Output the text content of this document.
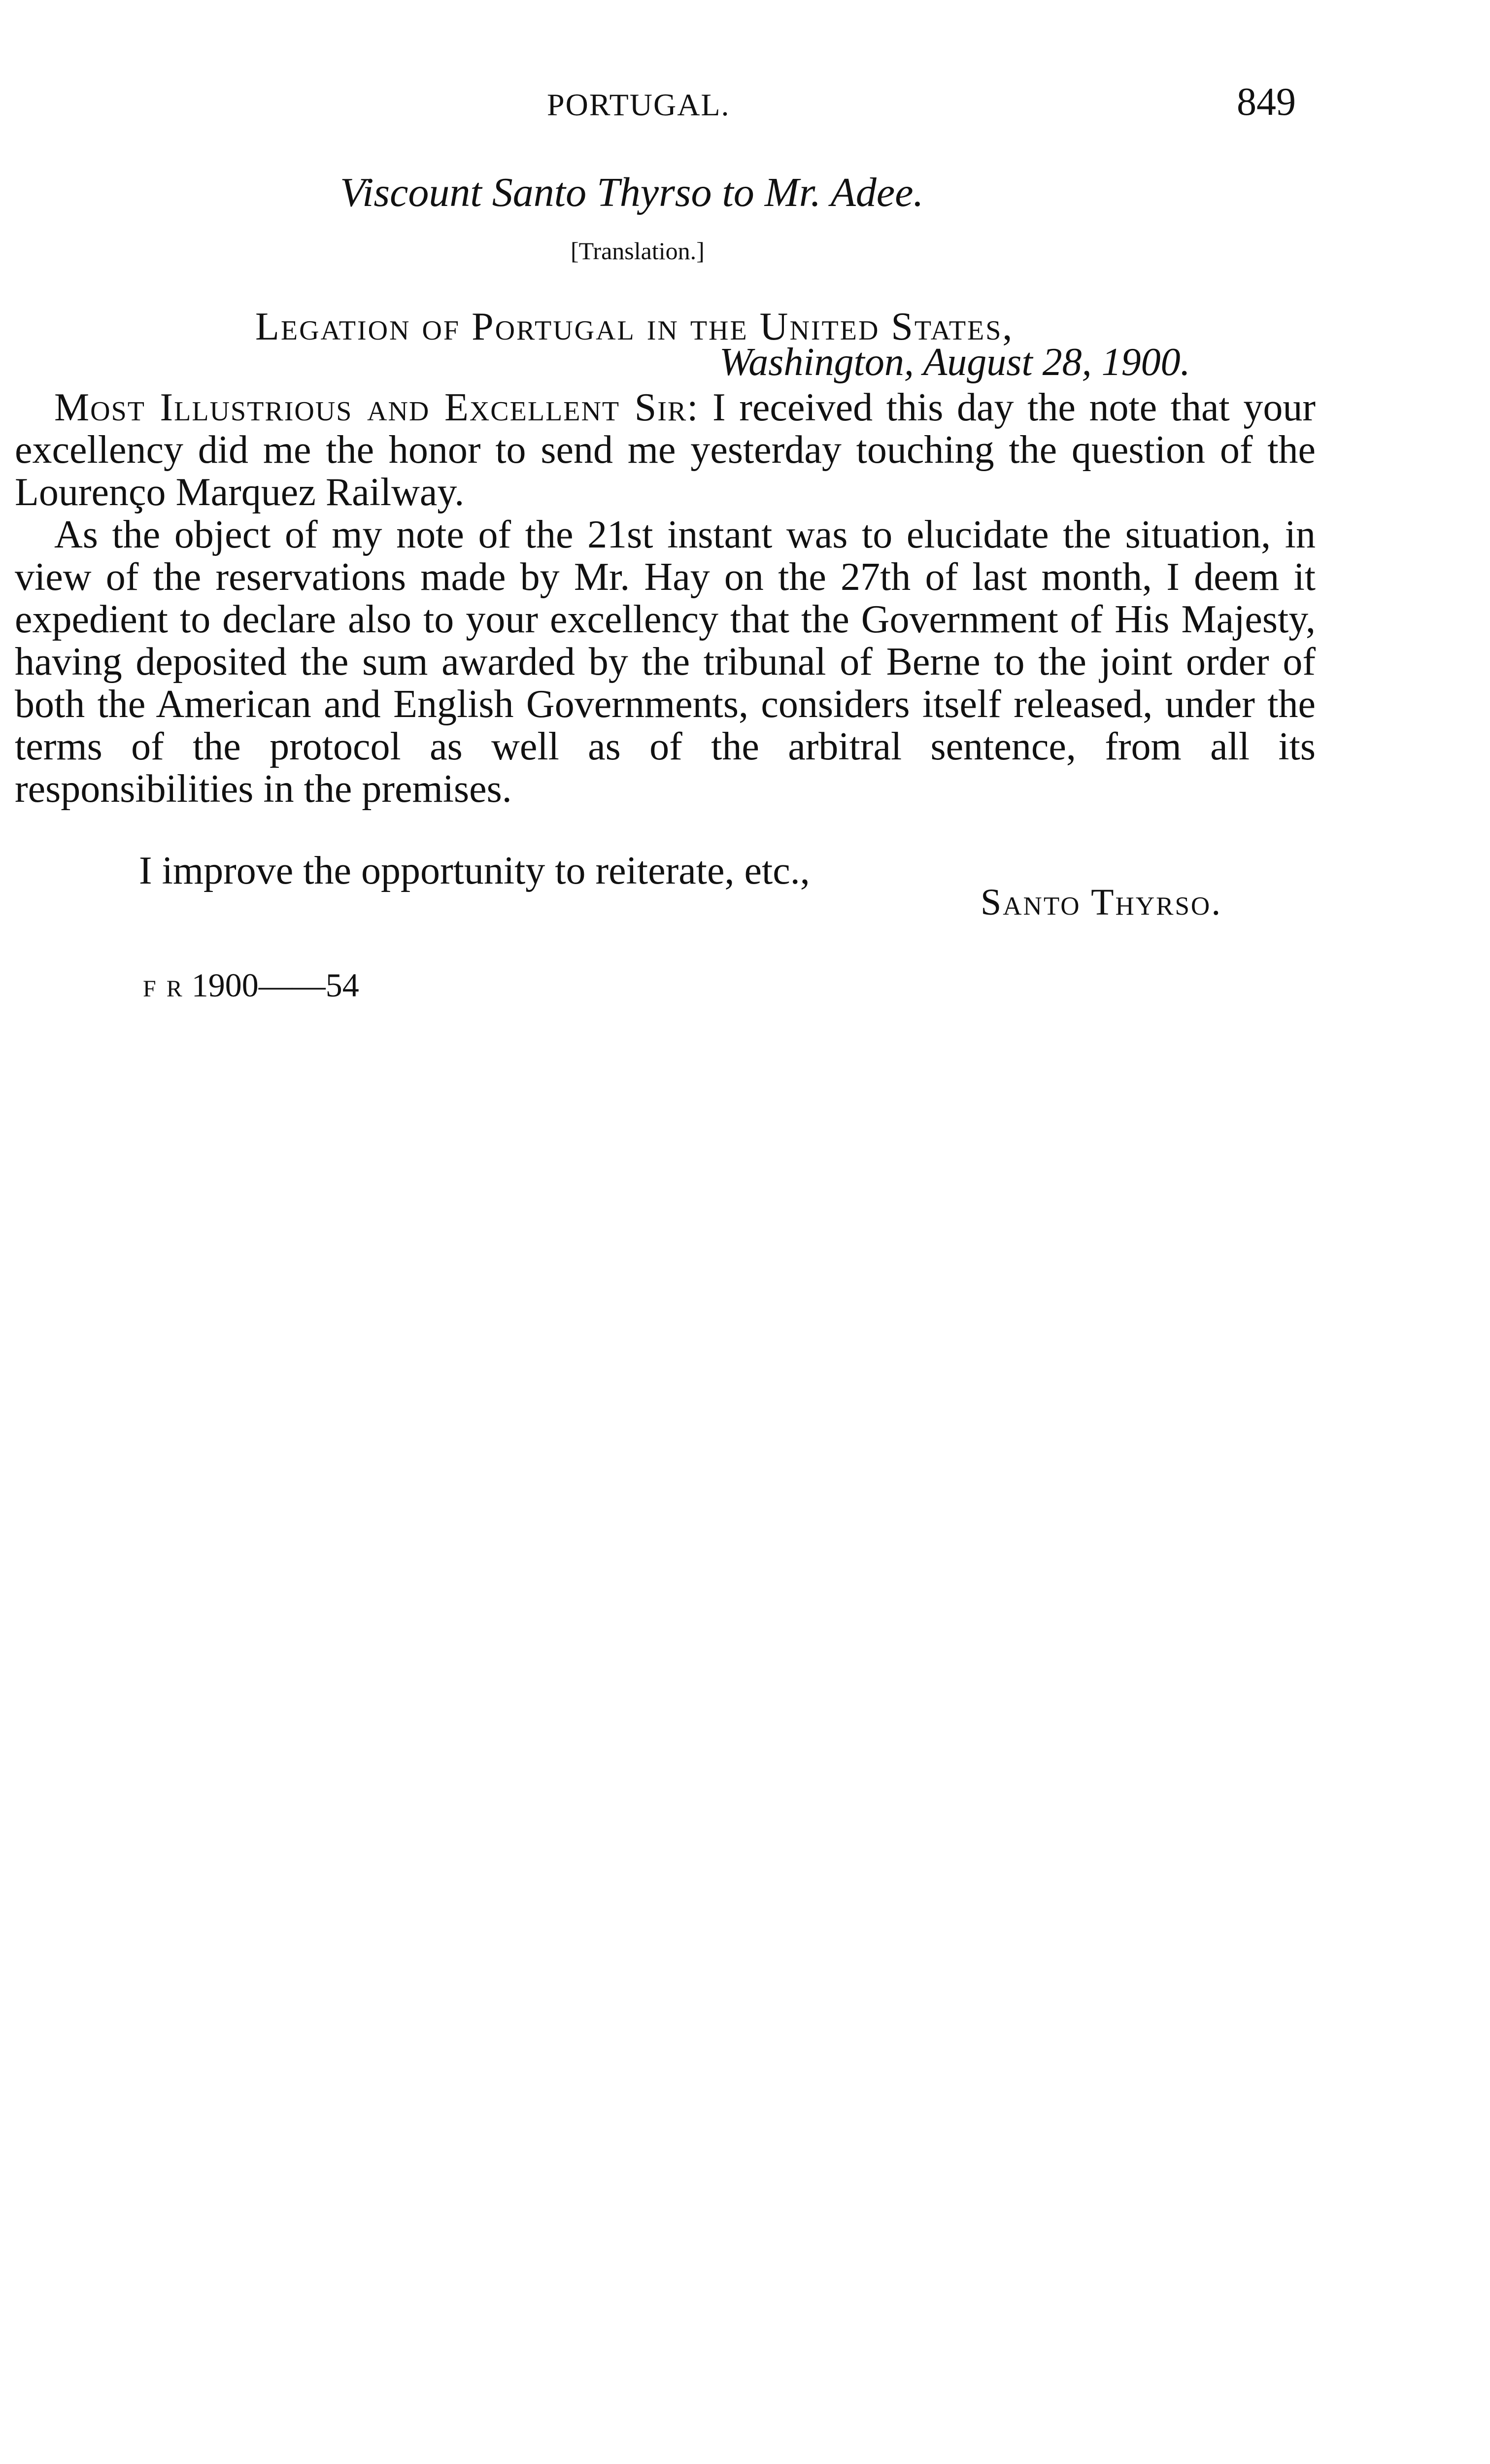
PORTUGAL.	849
Viscount Santo Thyrso to Mr. Adee.
[Translation.]
Legation of Portugal in the United States,
Washington, August 28, 1900.

Most Illustrious and Excellent Sir: I received this day the note that your excellency did me the honor to send me yesterday touching the question of the Lourenço Marquez Railway.

As the object of my note of the 21st instant was to elucidate the situation, in view of the reservations made by Mr. Hay on the 27th of last month, I deem it expedient to declare also to your excellency that the Government of His Majesty, having deposited the sum awarded by the tribunal of Berne to the joint order of both the American and English Governments, considers itself released, under the terms of the protocol as well as of the arbitral sentence, from all its responsibilities in the premises.

I improve the opportunity to reiterate, etc.,
Santo Thyrso.
f r 1900——54
